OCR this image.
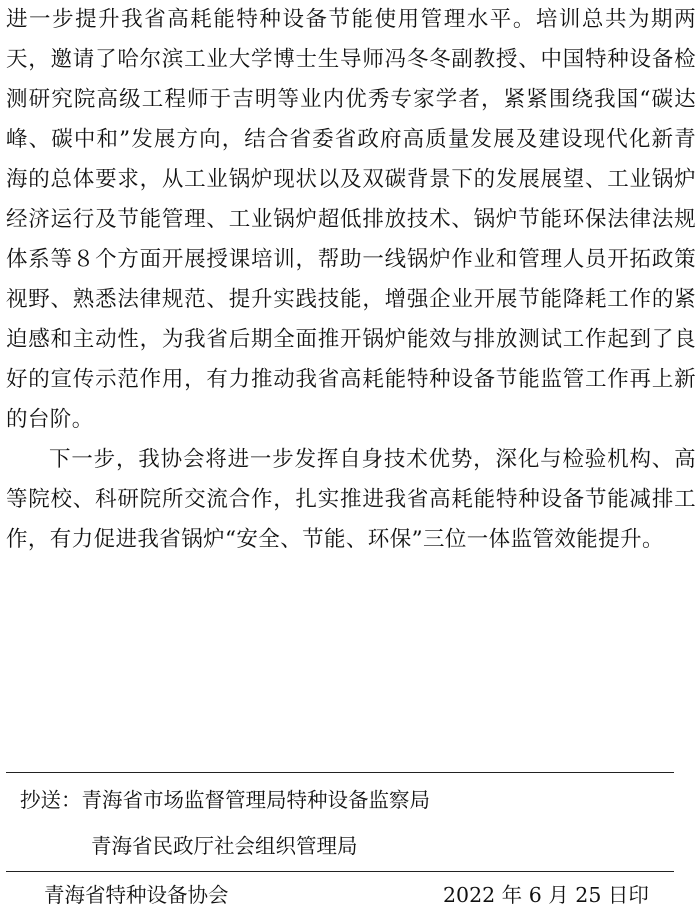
进一步提升我省高耗能特种设备节能使用管理水平。培训总共为期两天，邀请了哈尔滨工业大学博士生导师冯冬冬副教授、中国特种设备检测研究院高级工程师于吉明等业内优秀专家学者，紧紧围绕我国“碳达峰、碳中和”发展方向，结合省委省政府高质量发展及建设现代化新青海的总体要求，从工业锅炉现状以及双碳背景下的发展展望、工业锅炉经济运行及节能管理、工业锅炉超低排放技术、锅炉节能环保法律法规体系等８个方面开展授课培训，帮助一线锅炉作业和管理人员开拓政策视野、熟悉法律规范、提升实践技能，增强企业开展节能降耗工作的紧迫感和主动性，为我省后期全面推开锅炉能效与排放测试工作起到了良好的宣传示范作用，有力推动我省高耗能特种设备节能监管工作再上新的台阶。

下一步，我协会将进一步发挥自身技术优势，深化与检验机构、高等院校、科研院所交流合作，扎实推进我省高耗能特种设备节能减排工作，有力促进我省锅炉“安全、节能、环保”三位一体监管效能提升。

抄送：青海省市场监督管理局特种设备监察局
青海省民政厅社会组织管理局
青海省特种设备协会	2022 年 6 月 25 日印
